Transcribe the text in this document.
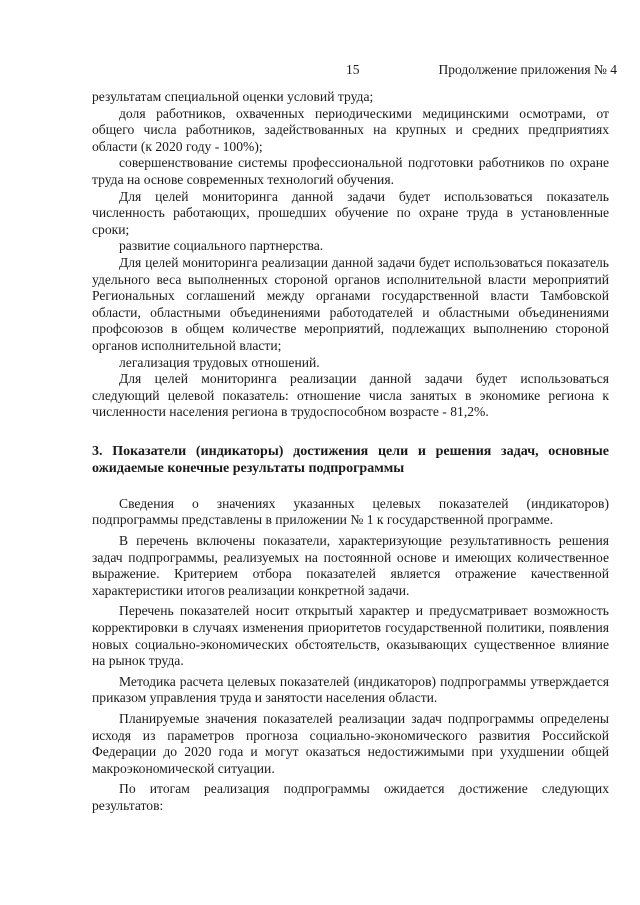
15	Продолжение приложения № 4

результатам специальной оценки условий труда;

доля работников, охваченных периодическими медицинскими осмотрами, от общего числа работников, задействованных на крупных и средних предприятиях области (к 2020 году - 100%);

совершенствование системы профессиональной подготовки работников по охране труда на основе современных технологий обучения.

Для целей мониторинга данной задачи будет использоваться показатель численность работающих, прошедших обучение по охране труда в установленные сроки;

развитие социального партнерства.

Для целей мониторинга реализации данной задачи будет использоваться показатель удельного веса выполненных стороной органов исполнительной власти мероприятий Региональных соглашений между органами государственной власти Тамбовской области, областными объединениями работодателей и областными объединениями профсоюзов в общем количестве мероприятий, подлежащих выполнению стороной органов исполнительной власти;

легализация трудовых отношений.

Для целей мониторинга реализации данной задачи будет использоваться следующий целевой показатель: отношение числа занятых в экономике региона к численности населения региона в трудоспособном возрасте - 81,2%.

3. Показатели (индикаторы) достижения цели и решения задач, основные ожидаемые конечные результаты подпрограммы

Сведения о значениях указанных целевых показателей (индикаторов) подпрограммы представлены в приложении № 1 к государственной программе.

В перечень включены показатели, характеризующие результативность решения задач подпрограммы, реализуемых на постоянной основе и имеющих количественное выражение. Критерием отбора показателей является отражение качественной характеристики итогов реализации конкретной задачи.

Перечень показателей носит открытый характер и предусматривает возможность корректировки в случаях изменения приоритетов государственной политики, появления новых социально-экономических обстоятельств, оказывающих существенное влияние на рынок труда.

Методика расчета целевых показателей (индикаторов) подпрограммы утверждается приказом управления труда и занятости населения области.

Планируемые значения показателей реализации задач подпрограммы определены исходя из параметров прогноза социально-экономического развития Российской Федерации до 2020 года и могут оказаться недостижимыми при ухудшении общей макроэкономической ситуации.

По итогам реализация подпрограммы ожидается достижение следующих результатов:
